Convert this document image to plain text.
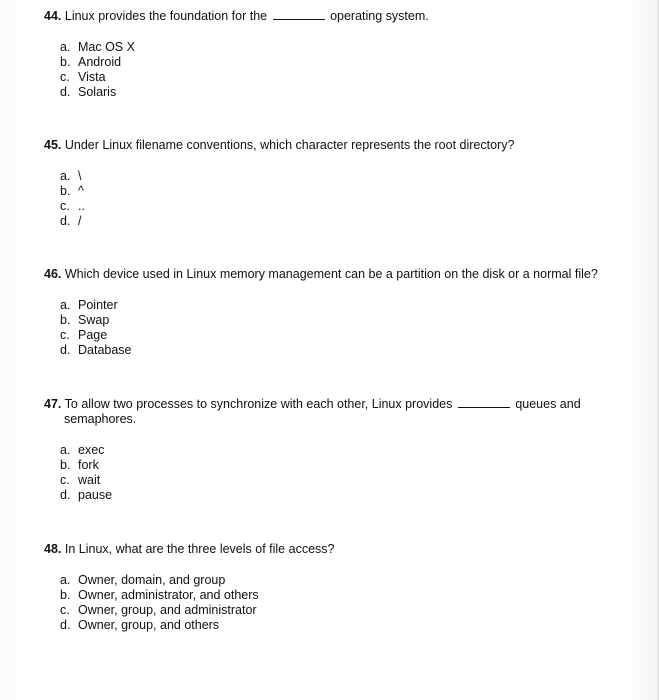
44. Linux provides the foundation for the	operating system.
a. Mac OS X
b. Android
c. Vista
d. Solaris
45. Under Linux filename conventions, which character represents the root directory?
a. \
b. ^
c. ..
d. /
46. Which device used in Linux memory management can be a partition on the disk or a normal file?
a. Pointer
b. Swap
c. Page
d. Database
47. To allow two processes to synchronize with each other, Linux provides	queues and
semaphores.
a. exec
b. fork
c. wait
d. pause
48. In Linux, what are the three levels of file access?
a. Owner, domain, and group
b. Owner, administrator, and others
c. Owner, group, and administrator
d. Owner, group, and others
